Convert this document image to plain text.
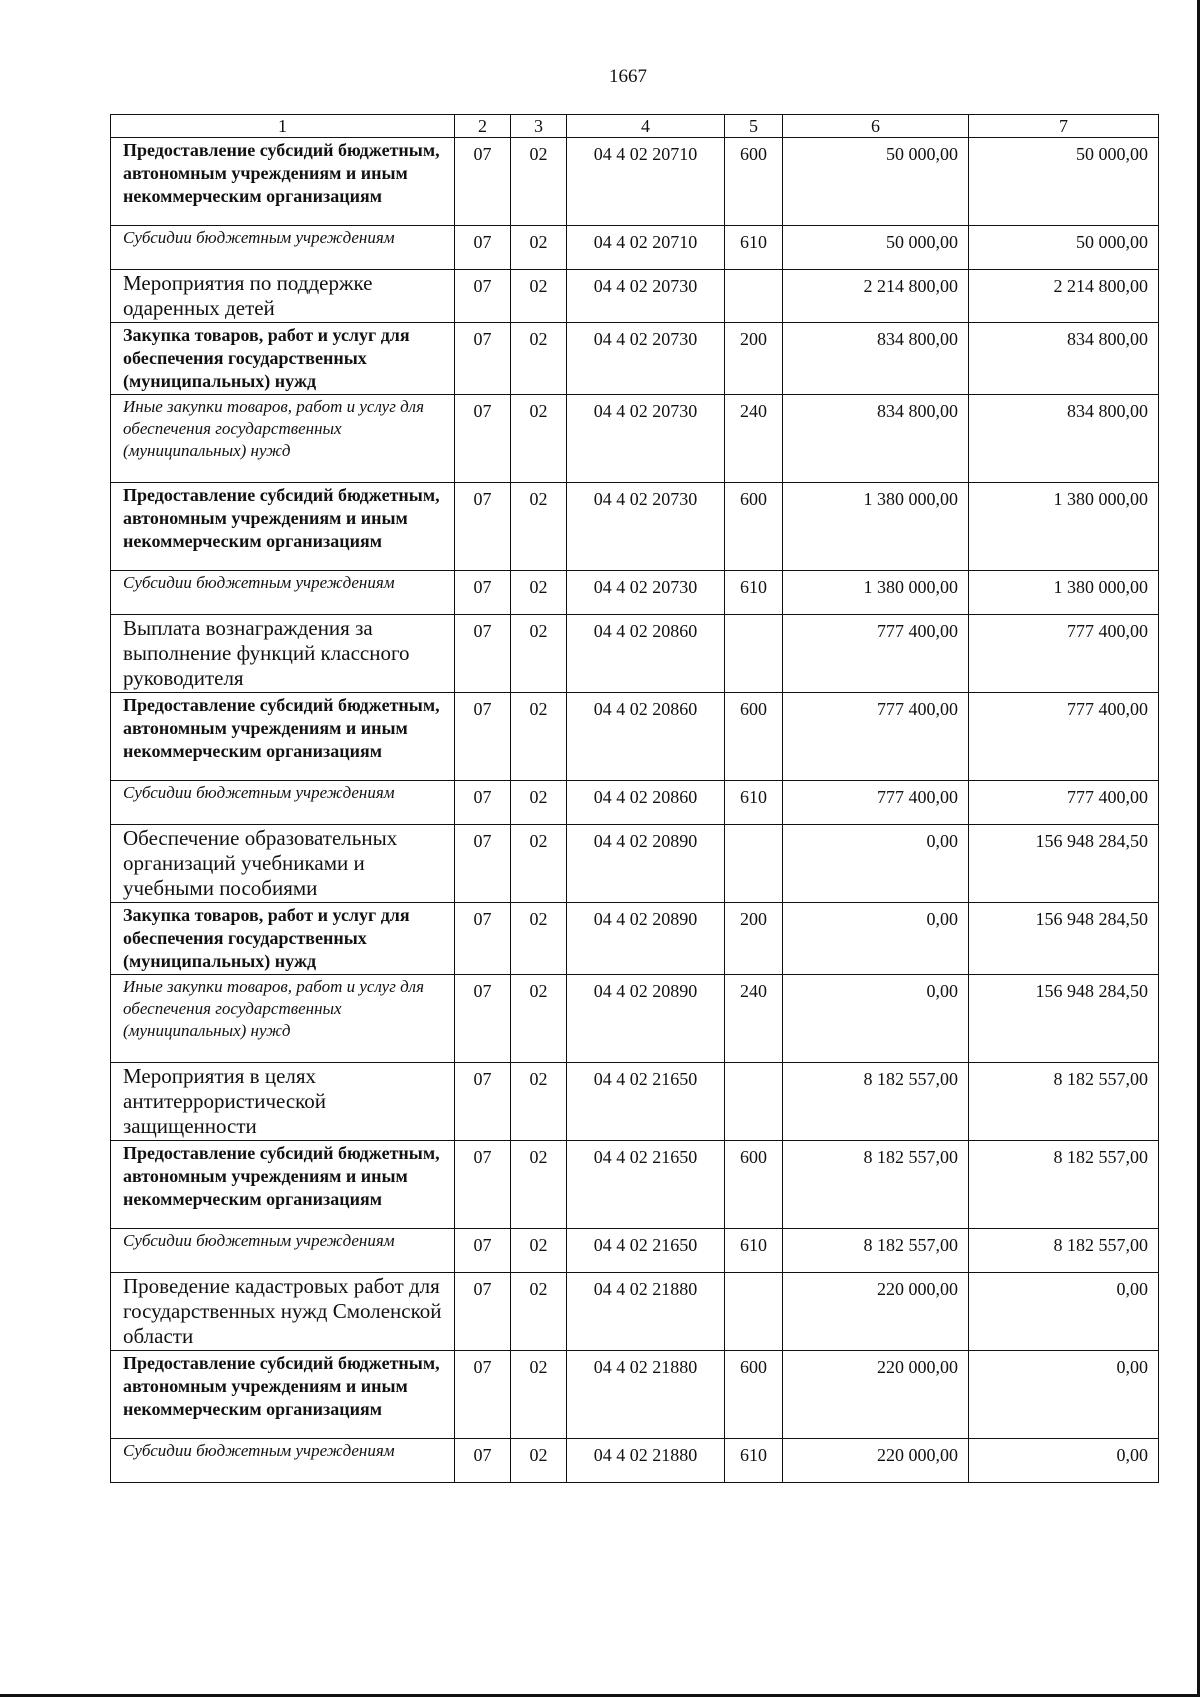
1667
1	2	3	4	5	6	7
Предоставление субсидий бюджетным, автономным учреждениям и иным некоммерческим организациям	07	02	04 4 02 20710	600	50 000,00	50 000,00
Субсидии бюджетным учреждениям	07	02	04 4 02 20710	610	50 000,00	50 000,00
Мероприятия по поддержке одаренных детей	07	02	04 4 02 20730		2 214 800,00	2 214 800,00
Закупка товаров, работ и услуг для обеспечения государственных (муниципальных) нужд	07	02	04 4 02 20730	200	834 800,00	834 800,00
Иные закупки товаров, работ и услуг для обеспечения государственных (муниципальных) нужд	07	02	04 4 02 20730	240	834 800,00	834 800,00
Предоставление субсидий бюджетным, автономным учреждениям и иным некоммерческим организациям	07	02	04 4 02 20730	600	1 380 000,00	1 380 000,00
Субсидии бюджетным учреждениям	07	02	04 4 02 20730	610	1 380 000,00	1 380 000,00
Выплата вознаграждения за выполнение функций классного руководителя	07	02	04 4 02 20860		777 400,00	777 400,00
Предоставление субсидий бюджетным, автономным учреждениям и иным некоммерческим организациям	07	02	04 4 02 20860	600	777 400,00	777 400,00
Субсидии бюджетным учреждениям	07	02	04 4 02 20860	610	777 400,00	777 400,00
Обеспечение образовательных организаций учебниками и учебными пособиями	07	02	04 4 02 20890		0,00	156 948 284,50
Закупка товаров, работ и услуг для обеспечения государственных (муниципальных) нужд	07	02	04 4 02 20890	200	0,00	156 948 284,50
Иные закупки товаров, работ и услуг для обеспечения государственных (муниципальных) нужд	07	02	04 4 02 20890	240	0,00	156 948 284,50
Мероприятия в целях антитеррористической защищенности	07	02	04 4 02 21650		8 182 557,00	8 182 557,00
Предоставление субсидий бюджетным, автономным учреждениям и иным некоммерческим организациям	07	02	04 4 02 21650	600	8 182 557,00	8 182 557,00
Субсидии бюджетным учреждениям	07	02	04 4 02 21650	610	8 182 557,00	8 182 557,00
Проведение кадастровых работ для государственных нужд Смоленской области	07	02	04 4 02 21880		220 000,00	0,00
Предоставление субсидий бюджетным, автономным учреждениям и иным некоммерческим организациям	07	02	04 4 02 21880	600	220 000,00	0,00
Субсидии бюджетным учреждениям	07	02	04 4 02 21880	610	220 000,00	0,00
